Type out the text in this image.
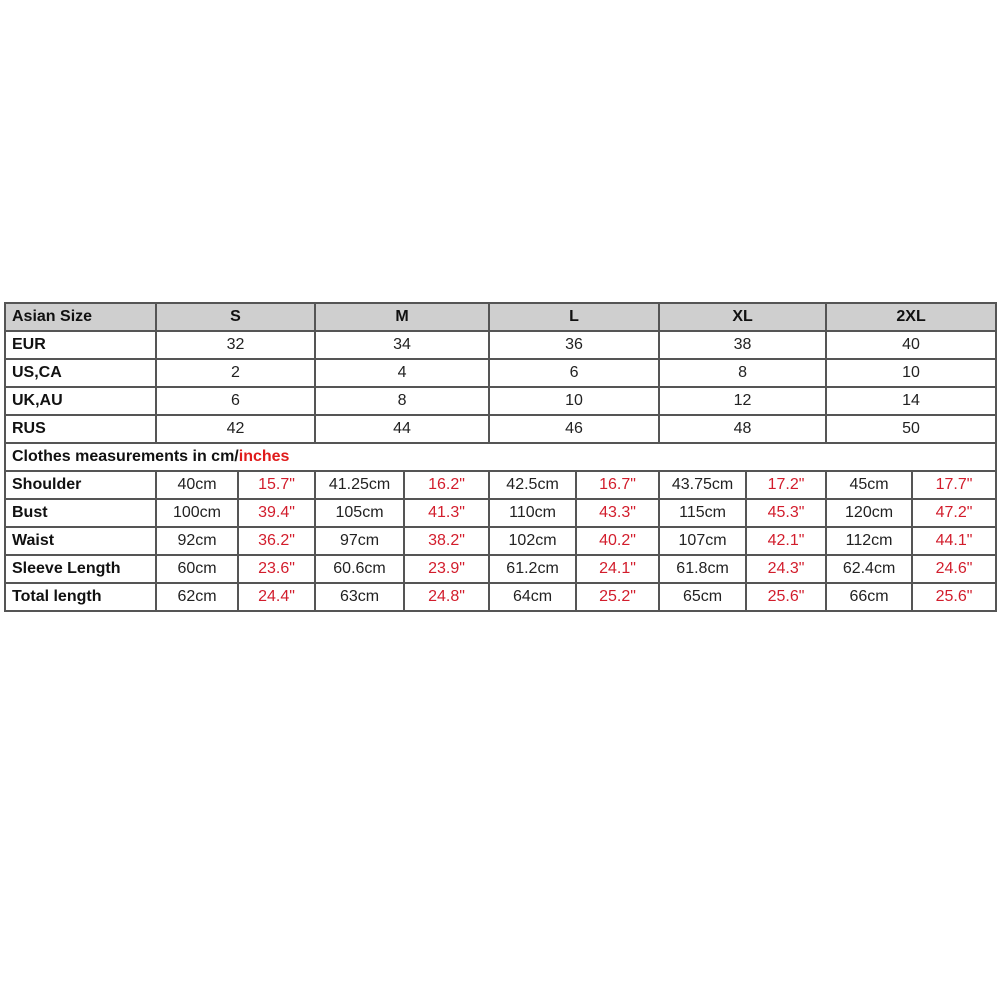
Asian Size	S		M		L		XL		2XL	
EUR	32		34		36		38		40	
US,CA	2		4		6		8		10	
UK,AU	6		8		10		12		14	
RUS	42		44		46		48		50	
Clothes measurements in cm/inches										
Shoulder	40cm	15.7"	41.25cm	16.2"	42.5cm	16.7"	43.75cm	17.2"	45cm	17.7"
Bust	100cm	39.4"	105cm	41.3"	110cm	43.3"	115cm	45.3"	120cm	47.2"
Waist	92cm	36.2"	97cm	38.2"	102cm	40.2"	107cm	42.1"	112cm	44.1"
Sleeve Length	60cm	23.6"	60.6cm	23.9"	61.2cm	24.1"	61.8cm	24.3"	62.4cm	24.6"
Total length	62cm	24.4"	63cm	24.8"	64cm	25.2"	65cm	25.6"	66cm	25.6"
